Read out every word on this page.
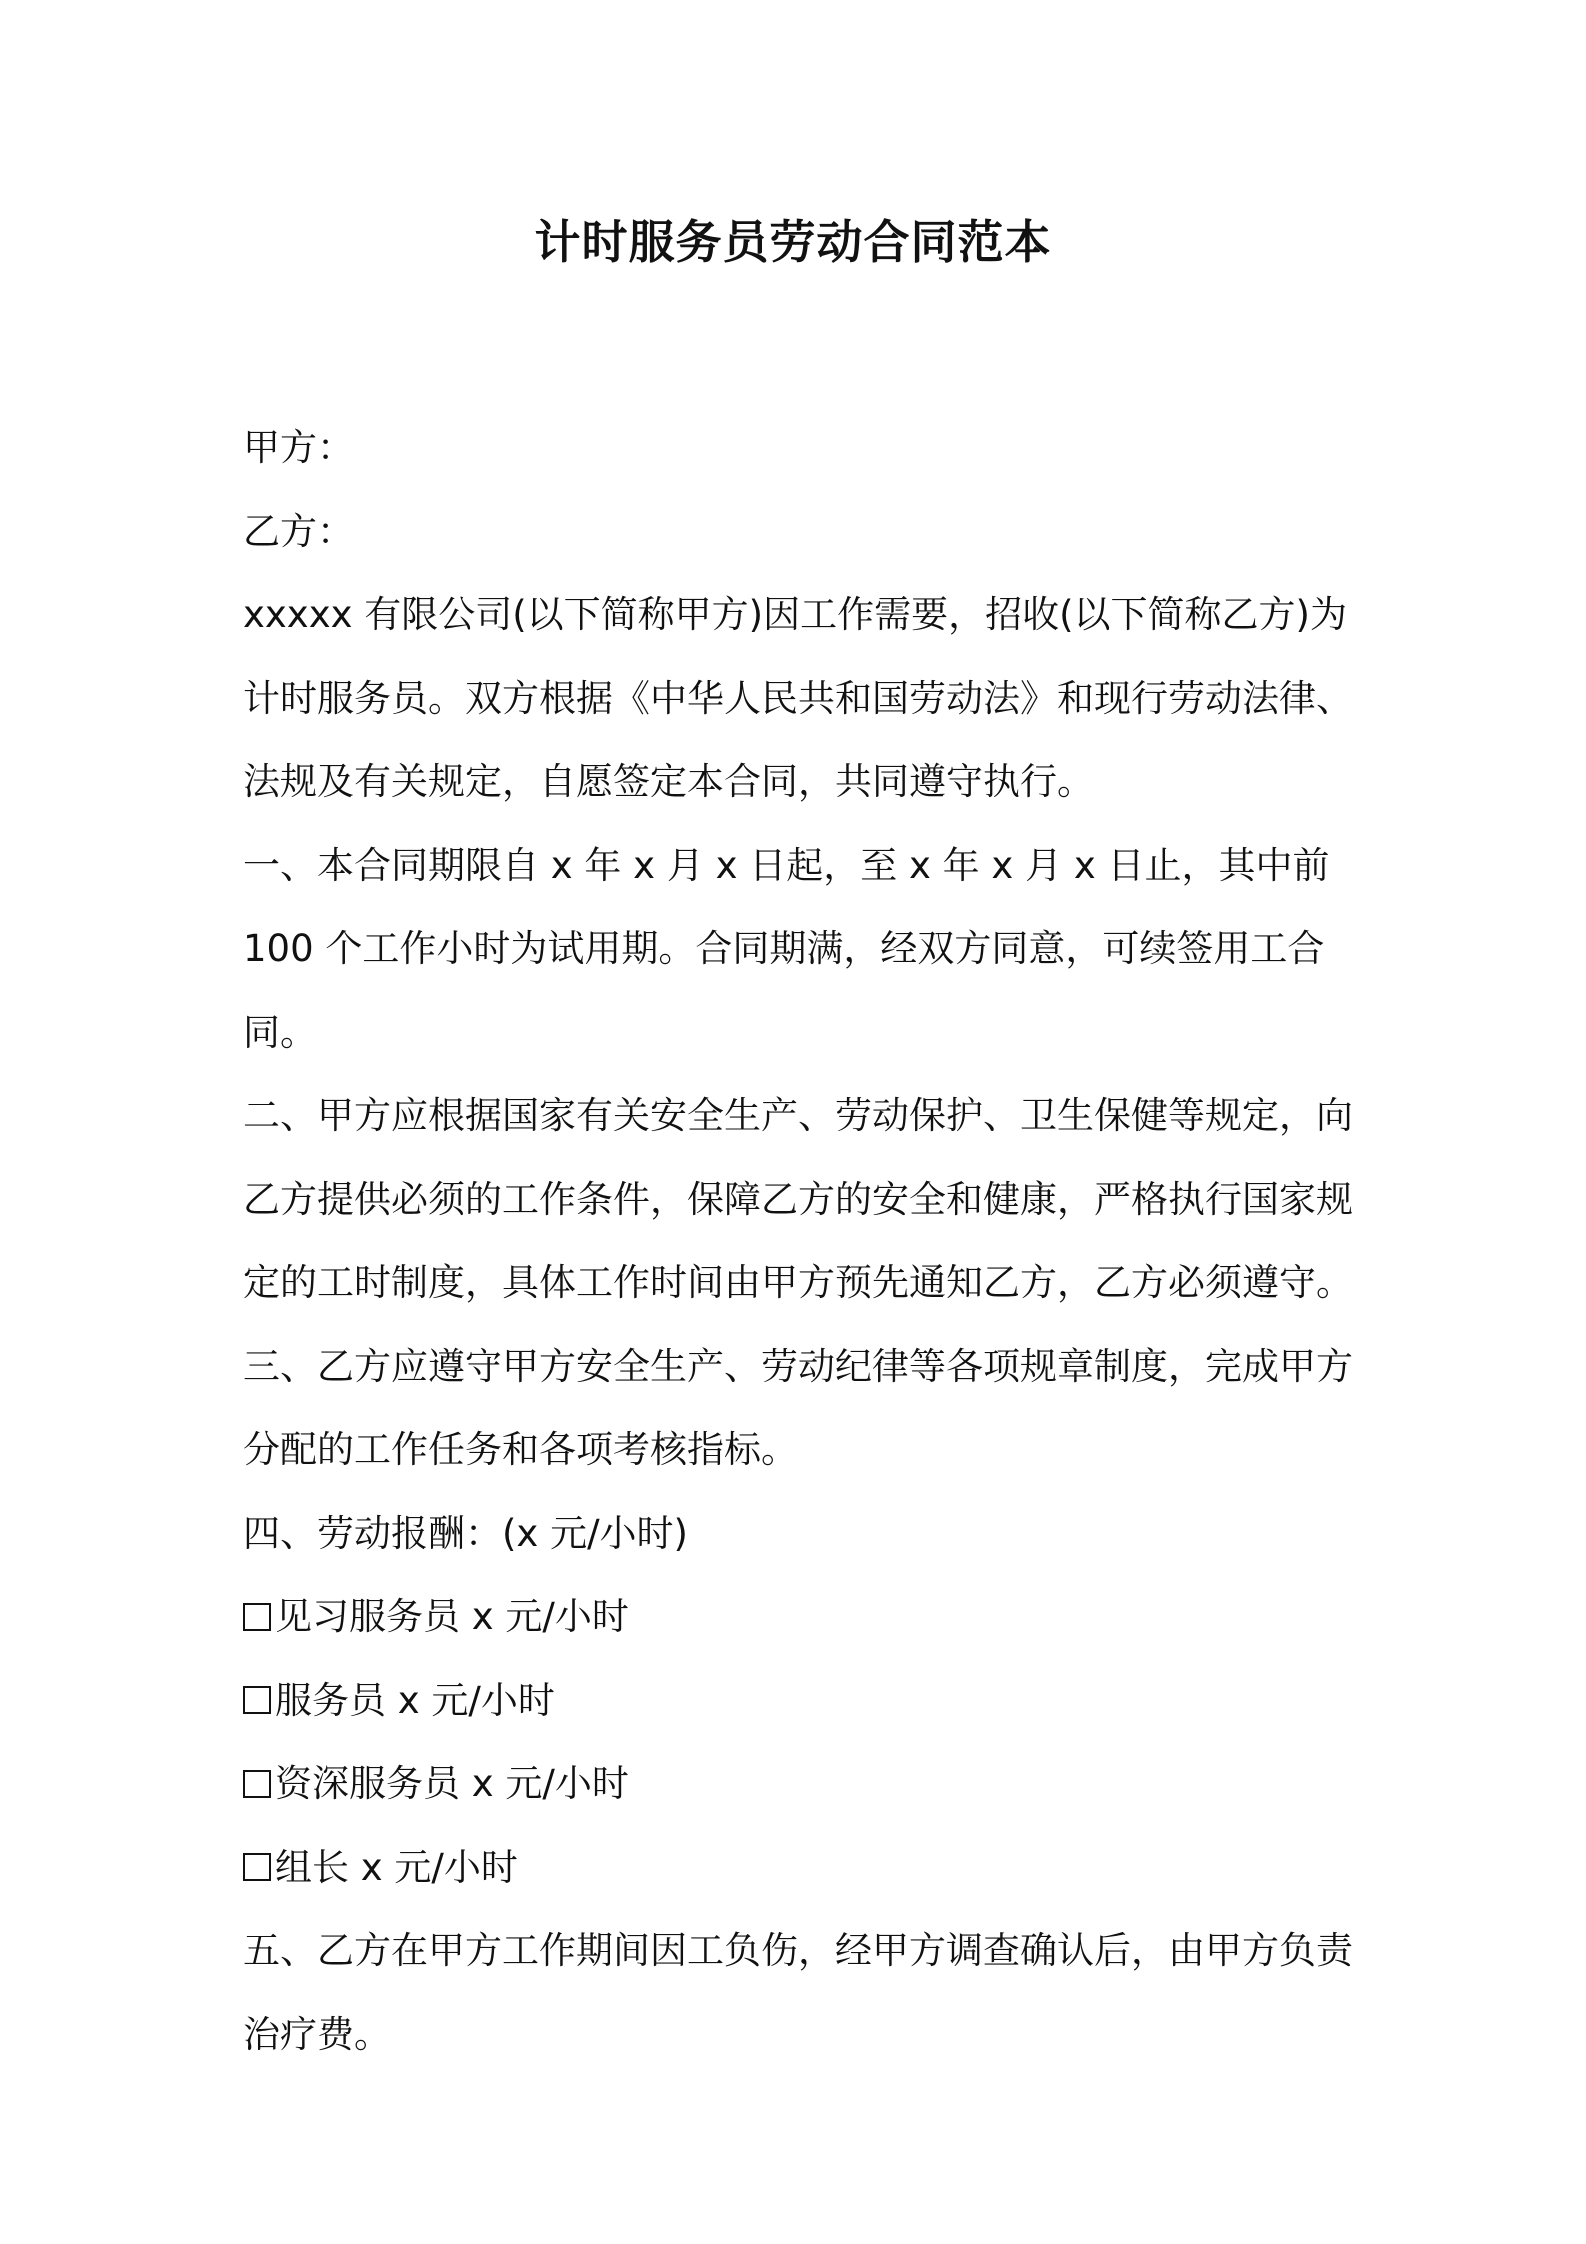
计时服务员劳动合同范本

甲方：

乙方：

xxxxx 有限公司(以下简称甲方)因工作需要，招收(以下简称乙方)为计时服务员。双方根据《中华人民共和国劳动法》和现行劳动法律、法规及有关规定，自愿签定本合同，共同遵守执行。

一、本合同期限自 x 年 x 月 x 日起，至 x 年 x 月 x 日止，其中前 100 个工作小时为试用期。合同期满，经双方同意，可续签用工合同。

二、甲方应根据国家有关安全生产、劳动保护、卫生保健等规定，向乙方提供必须的工作条件，保障乙方的安全和健康，严格执行国家规定的工时制度，具体工作时间由甲方预先通知乙方，乙方必须遵守。

三、乙方应遵守甲方安全生产、劳动纪律等各项规章制度，完成甲方分配的工作任务和各项考核指标。

四、劳动报酬：(x 元/小时)

见习服务员 x 元/小时
服务员 x 元/小时
资深服务员 x 元/小时
组长 x 元/小时

五、乙方在甲方工作期间因工负伤，经甲方调查确认后，由甲方负责治疗费。
